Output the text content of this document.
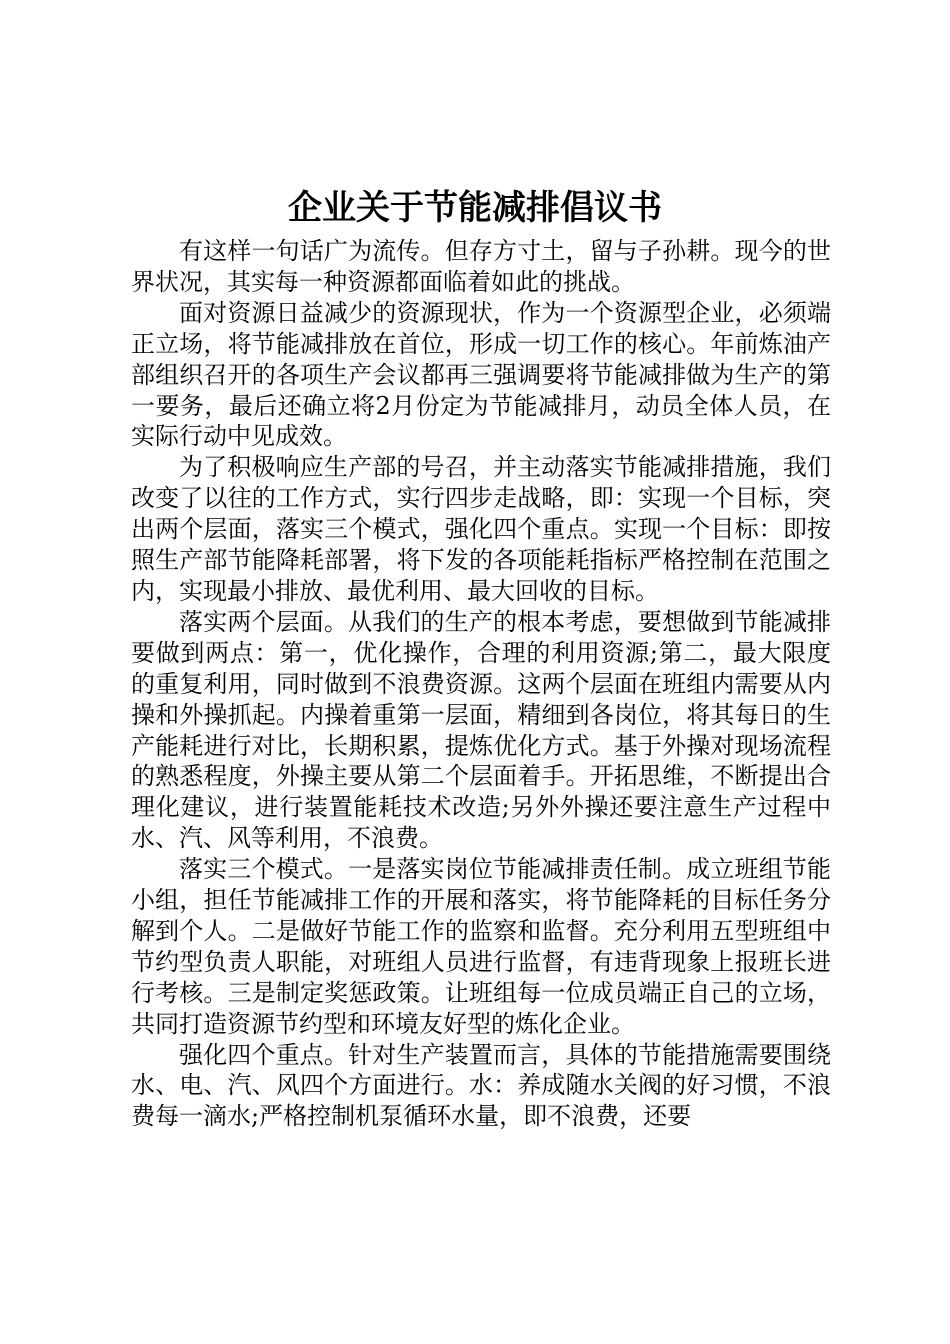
企业关于节能减排倡议书

有这样一句话广为流传。但存方寸土，留与子孙耕。现今的世界状况，其实每一种资源都面临着如此的挑战。

面对资源日益减少的资源现状，作为一个资源型企业，必须端正立场，将节能减排放在首位，形成一切工作的核心。年前炼油产部组织召开的各项生产会议都再三强调要将节能减排做为生产的第一要务，最后还确立将2月份定为节能减排月，动员全体人员，在实际行动中见成效。

为了积极响应生产部的号召，并主动落实节能减排措施，我们改变了以往的工作方式，实行四步走战略，即：实现一个目标，突出两个层面，落实三个模式，强化四个重点。实现一个目标：即按照生产部节能降耗部署，将下发的各项能耗指标严格控制在范围之内，实现最小排放、最优利用、最大回收的目标。

落实两个层面。从我们的生产的根本考虑，要想做到节能减排要做到两点：第一，优化操作，合理的利用资源;第二，最大限度的重复利用，同时做到不浪费资源。这两个层面在班组内需要从内操和外操抓起。内操着重第一层面，精细到各岗位，将其每日的生产能耗进行对比，长期积累，提炼优化方式。基于外操对现场流程的熟悉程度，外操主要从第二个层面着手。开拓思维，不断提出合理化建议，进行装置能耗技术改造;另外外操还要注意生产过程中水、汽、风等利用，不浪费。

落实三个模式。一是落实岗位节能减排责任制。成立班组节能小组，担任节能减排工作的开展和落实，将节能降耗的目标任务分解到个人。二是做好节能工作的监察和监督。充分利用五型班组中节约型负责人职能，对班组人员进行监督，有违背现象上报班长进行考核。三是制定奖惩政策。让班组每一位成员端正自己的立场，共同打造资源节约型和环境友好型的炼化企业。

强化四个重点。针对生产装置而言，具体的节能措施需要围绕水、电、汽、风四个方面进行。水：养成随水关阀的好习惯，不浪费每一滴水;严格控制机泵循环水量，即不浪费，还要
